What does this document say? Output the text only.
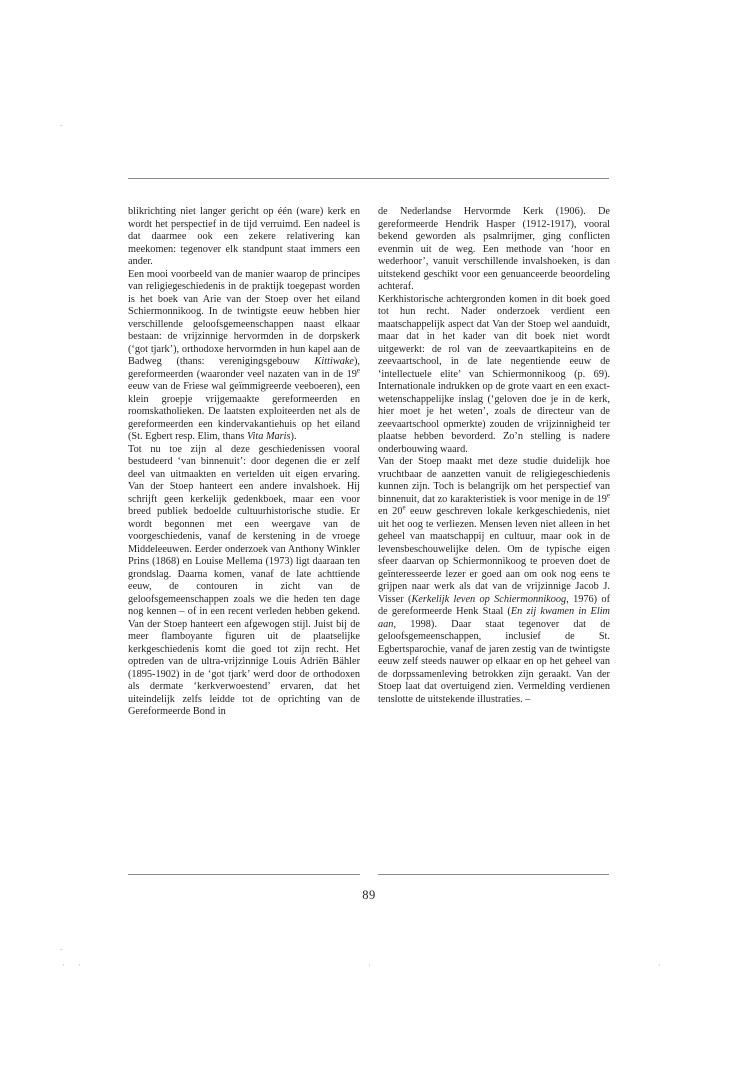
blikrichting niet langer gericht op één (ware) kerk en wordt het perspectief in de tijd verruimd. Een nadeel is dat daarmee ook een zekere relativering kan meekomen: tegenover elk standpunt staat immers een ander.

Een mooi voorbeeld van de manier waarop de principes van religiegeschiedenis in de praktijk toegepast worden is het boek van Arie van der Stoep over het eiland Schiermonnikoog. In de twintigste eeuw hebben hier verschillende geloofsgemeenschappen naast elkaar bestaan: de vrijzinnige hervormden in de dorpskerk (‘got tjark’), orthodoxe hervormden in hun kapel aan de Badweg (thans: verenigingsgebouw Kittiwake), gereformeerden (waaronder veel nazaten van in de 19e eeuw van de Friese wal geïmmigreerde veeboeren), een klein groepje vrijgemaakte gereformeerden en roomskatholieken. De laatsten exploiteerden net als de gereformeerden een kindervakantiehuis op het eiland (St. Egbert resp. Elim, thans Vita Maris).

Tot nu toe zijn al deze geschiedenissen vooral bestudeerd ‘van binnenuit’: door degenen die er zelf deel van uitmaakten en vertelden uit eigen ervaring. Van der Stoep hanteert een andere invalshoek. Hij schrijft geen kerkelijk gedenkboek, maar een voor breed publiek bedoelde cultuurhistorische studie. Er wordt begonnen met een weergave van de voorgeschiedenis, vanaf de kerstening in de vroege Middeleeuwen. Eerder onderzoek van Anthony Winkler Prins (1868) en Louise Mellema (1973) ligt daaraan ten grondslag. Daarna komen, vanaf de late achttiende eeuw, de contouren in zicht van de geloofsgemeenschappen zoals we die heden ten dage nog kennen – of in een recent verleden hebben gekend. Van der Stoep hanteert een afgewogen stijl. Juist bij de meer flamboyante figuren uit de plaatselijke kerkgeschiedenis komt die goed tot zijn recht. Het optreden van de ultra-vrijzinnige Louis Adriën Bähler (1895-1902) in de ‘got tjark’ werd door de orthodoxen als dermate ‘kerkverwoestend’ ervaren, dat het uiteindelijk zelfs leidde tot de oprichting van de Gereformeerde Bond in

de Nederlandse Hervormde Kerk (1906). De gereformeerde Hendrik Hasper (1912-1917), vooral bekend geworden als psalmrijmer, ging conflicten evenmin uit de weg. Een methode van ‘hoor en wederhoor’, vanuit verschillende invalshoeken, is dan uitstekend geschikt voor een genuanceerde beoordeling achteraf.

Kerkhistorische achtergronden komen in dit boek goed tot hun recht. Nader onderzoek verdient een maatschappelijk aspect dat Van der Stoep wel aanduidt, maar dat in het kader van dit boek niet wordt uitgewerkt: de rol van de zeevaartkapiteins en de zeevaartschool, in de late negentiende eeuw de ‘intellectuele elite’ van Schiermonnikoog (p. 69). Internationale indrukken op de grote vaart en een exact-wetenschappelijke inslag (‘geloven doe je in de kerk, hier moet je het weten’, zoals de directeur van de zeevaartschool opmerkte) zouden de vrijzinnigheid ter plaatse hebben bevorderd. Zo’n stelling is nadere onderbouwing waard.

Van der Stoep maakt met deze studie duidelijk hoe vruchtbaar de aanzetten vanuit de religiegeschiedenis kunnen zijn. Toch is belangrijk om het perspectief van binnenuit, dat zo karakteristiek is voor menige in de 19e en 20e eeuw geschreven lokale kerkgeschiedenis, niet uit het oog te verliezen. Mensen leven niet alleen in het geheel van maatschappij en cultuur, maar ook in de levensbeschouwelijke delen. Om de typische eigen sfeer daarvan op Schiermonnikoog te proeven doet de geïnteresseerde lezer er goed aan om ook nog eens te grijpen naar werk als dat van de vrijzinnige Jacob J. Visser (Kerkelijk leven op Schiermonnikoog, 1976) of de gereformeerde Henk Staal (En zij kwamen in Elim aan, 1998). Daar staat tegenover dat de geloofsgemeenschappen, inclusief de St. Egbertsparochie, vanaf de jaren zestig van de twintigste eeuw zelf steeds nauwer op elkaar en op het geheel van de dorpssamenleving betrokken zijn geraakt. Van der Stoep laat dat overtuigend zien. Vermelding verdienen tenslotte de uitstekende illustraties. –

89
-
-
· ·	·	·
